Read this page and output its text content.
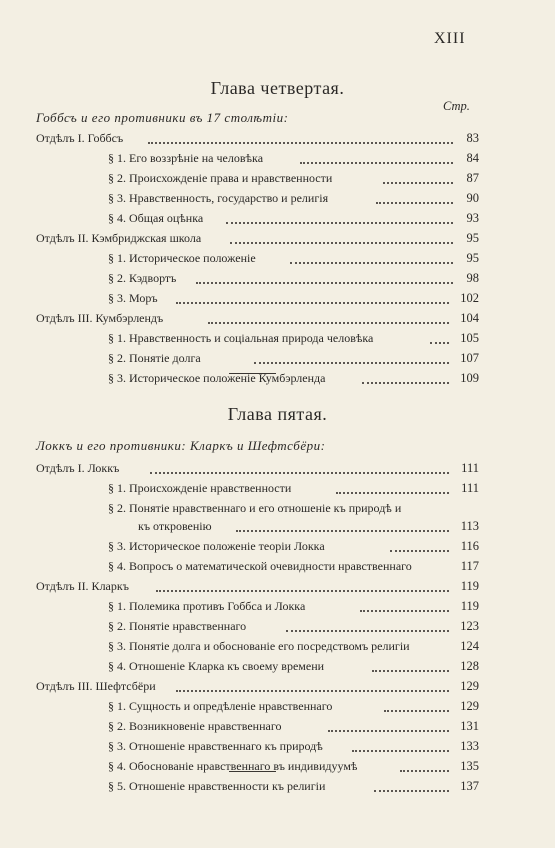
XIII
Глава четвертая.
Стр.
Гоббсъ и его противники въ 17 столѣтіи:
Отдѣлъ I. Гоббсъ	83
§ 1. Его воззрѣніе на человѣка	84
§ 2. Происхожденіе права и нравственности	87
§ 3. Нравственность, государство и религія	90
§ 4. Общая оцѣнка	93
Отдѣлъ II. Кэмбриджская школа	95
§ 1. Историческое положеніе	95
§ 2. Кэдвортъ	98
§ 3. Моръ	102
Отдѣлъ III. Кумбэрлендъ	104
§ 1. Нравственность и соціальная природа человѣка	105
§ 2. Понятіе долга	107
§ 3. Историческое положеніе Кумбэрленда	109
Глава пятая.
Локкъ и его противники: Кларкъ и Шефтсбёри:
Отдѣлъ I. Локкъ	111
§ 1. Происхожденіе нравственности	111
§ 2. Понятіе нравственнаго и его отношеніе къ природѣ и
къ откровенію	113
§ 3. Историческое положеніе теоріи Локка	116
§ 4. Вопросъ о математической очевидности нравственнаго	117
Отдѣлъ II. Кларкъ	119
§ 1. Полемика противъ Гоббса и Локка	119
§ 2. Понятіе нравственнаго	123
§ 3. Понятіе долга и обоснованіе его посредствомъ религіи	124
§ 4. Отношеніе Кларка къ своему времени	128
Отдѣлъ III. Шефтсбёри	129
§ 1. Сущность и опредѣленіе нравственнаго	129
§ 2. Возникновеніе нравственнаго	131
§ 3. Отношеніе нравственнаго къ природѣ	133
§ 4. Обоснованіе нравственнаго въ индивидуумѣ	135
§ 5. Отношеніе нравственности къ религіи	137
